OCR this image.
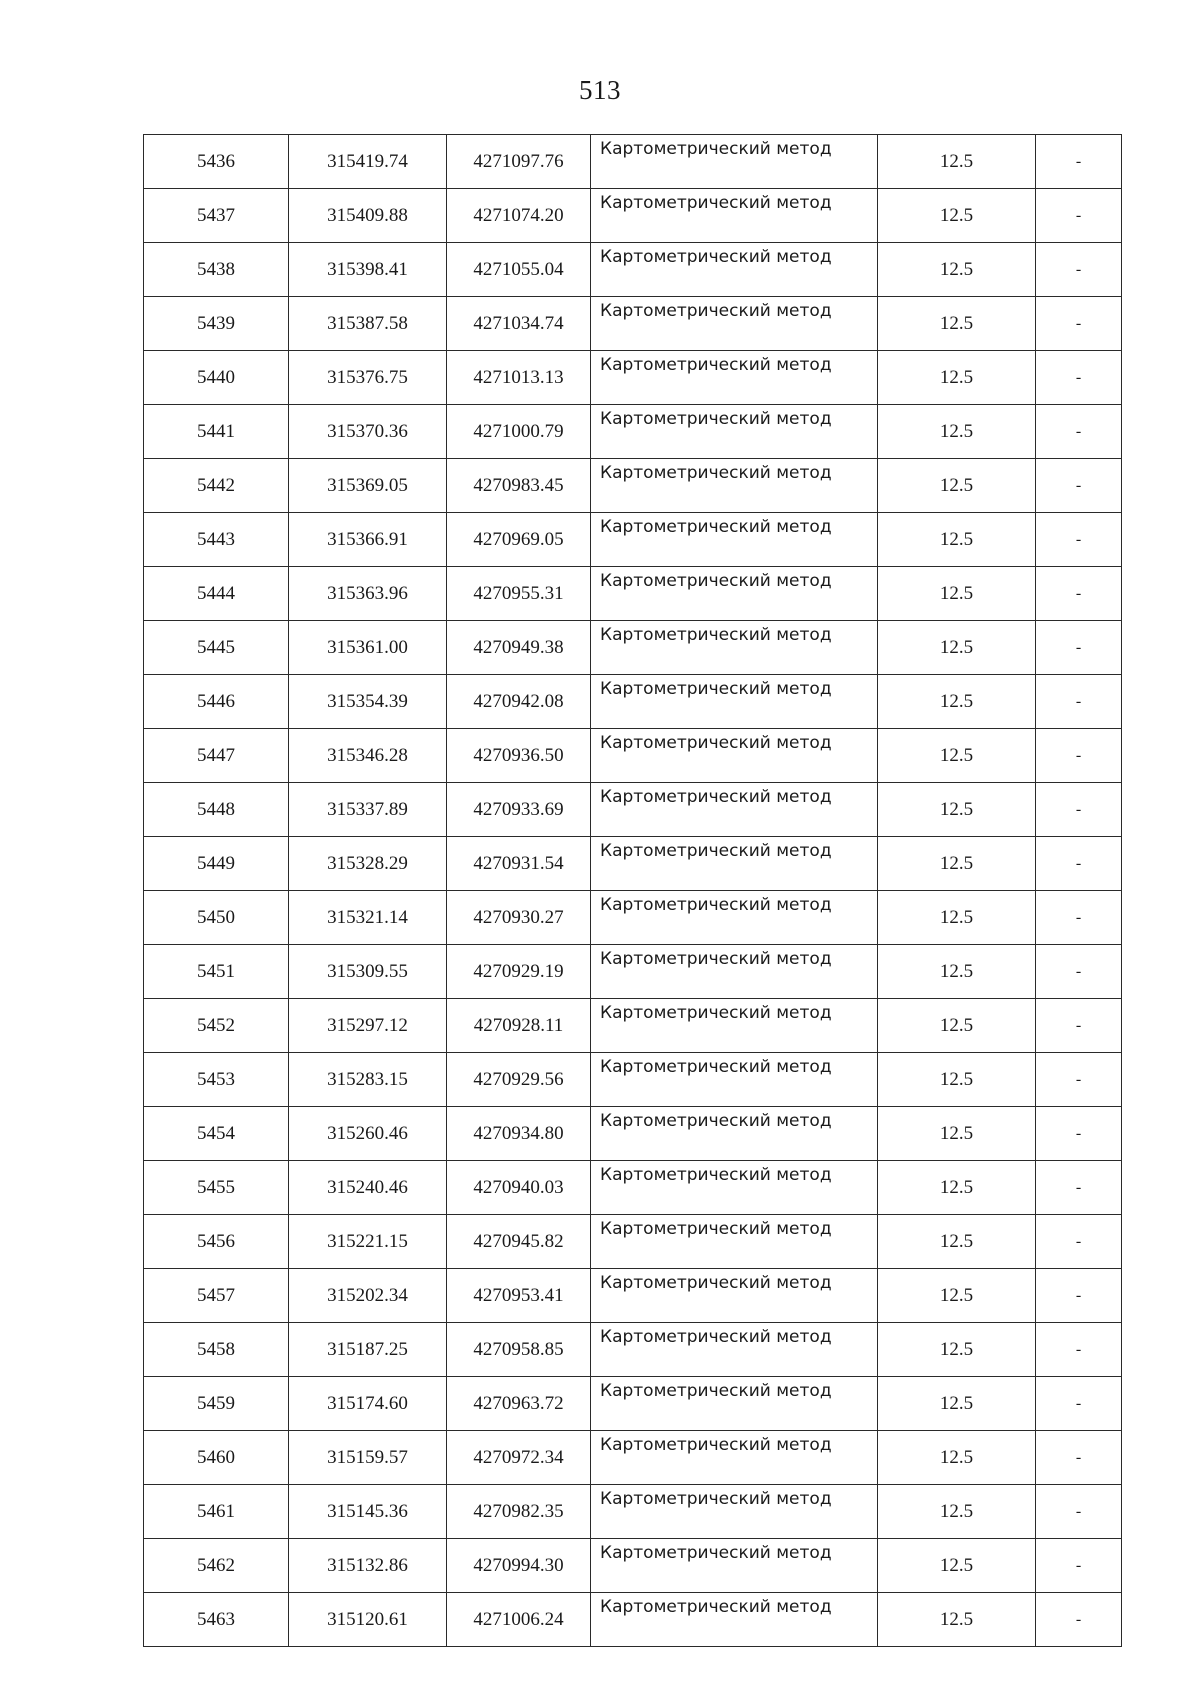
513
5436	315419.74	4271097.76	Картометрический метод	12.5	-
5437	315409.88	4271074.20	Картометрический метод	12.5	-
5438	315398.41	4271055.04	Картометрический метод	12.5	-
5439	315387.58	4271034.74	Картометрический метод	12.5	-
5440	315376.75	4271013.13	Картометрический метод	12.5	-
5441	315370.36	4271000.79	Картометрический метод	12.5	-
5442	315369.05	4270983.45	Картометрический метод	12.5	-
5443	315366.91	4270969.05	Картометрический метод	12.5	-
5444	315363.96	4270955.31	Картометрический метод	12.5	-
5445	315361.00	4270949.38	Картометрический метод	12.5	-
5446	315354.39	4270942.08	Картометрический метод	12.5	-
5447	315346.28	4270936.50	Картометрический метод	12.5	-
5448	315337.89	4270933.69	Картометрический метод	12.5	-
5449	315328.29	4270931.54	Картометрический метод	12.5	-
5450	315321.14	4270930.27	Картометрический метод	12.5	-
5451	315309.55	4270929.19	Картометрический метод	12.5	-
5452	315297.12	4270928.11	Картометрический метод	12.5	-
5453	315283.15	4270929.56	Картометрический метод	12.5	-
5454	315260.46	4270934.80	Картометрический метод	12.5	-
5455	315240.46	4270940.03	Картометрический метод	12.5	-
5456	315221.15	4270945.82	Картометрический метод	12.5	-
5457	315202.34	4270953.41	Картометрический метод	12.5	-
5458	315187.25	4270958.85	Картометрический метод	12.5	-
5459	315174.60	4270963.72	Картометрический метод	12.5	-
5460	315159.57	4270972.34	Картометрический метод	12.5	-
5461	315145.36	4270982.35	Картометрический метод	12.5	-
5462	315132.86	4270994.30	Картометрический метод	12.5	-
5463	315120.61	4271006.24	Картометрический метод	12.5	-
